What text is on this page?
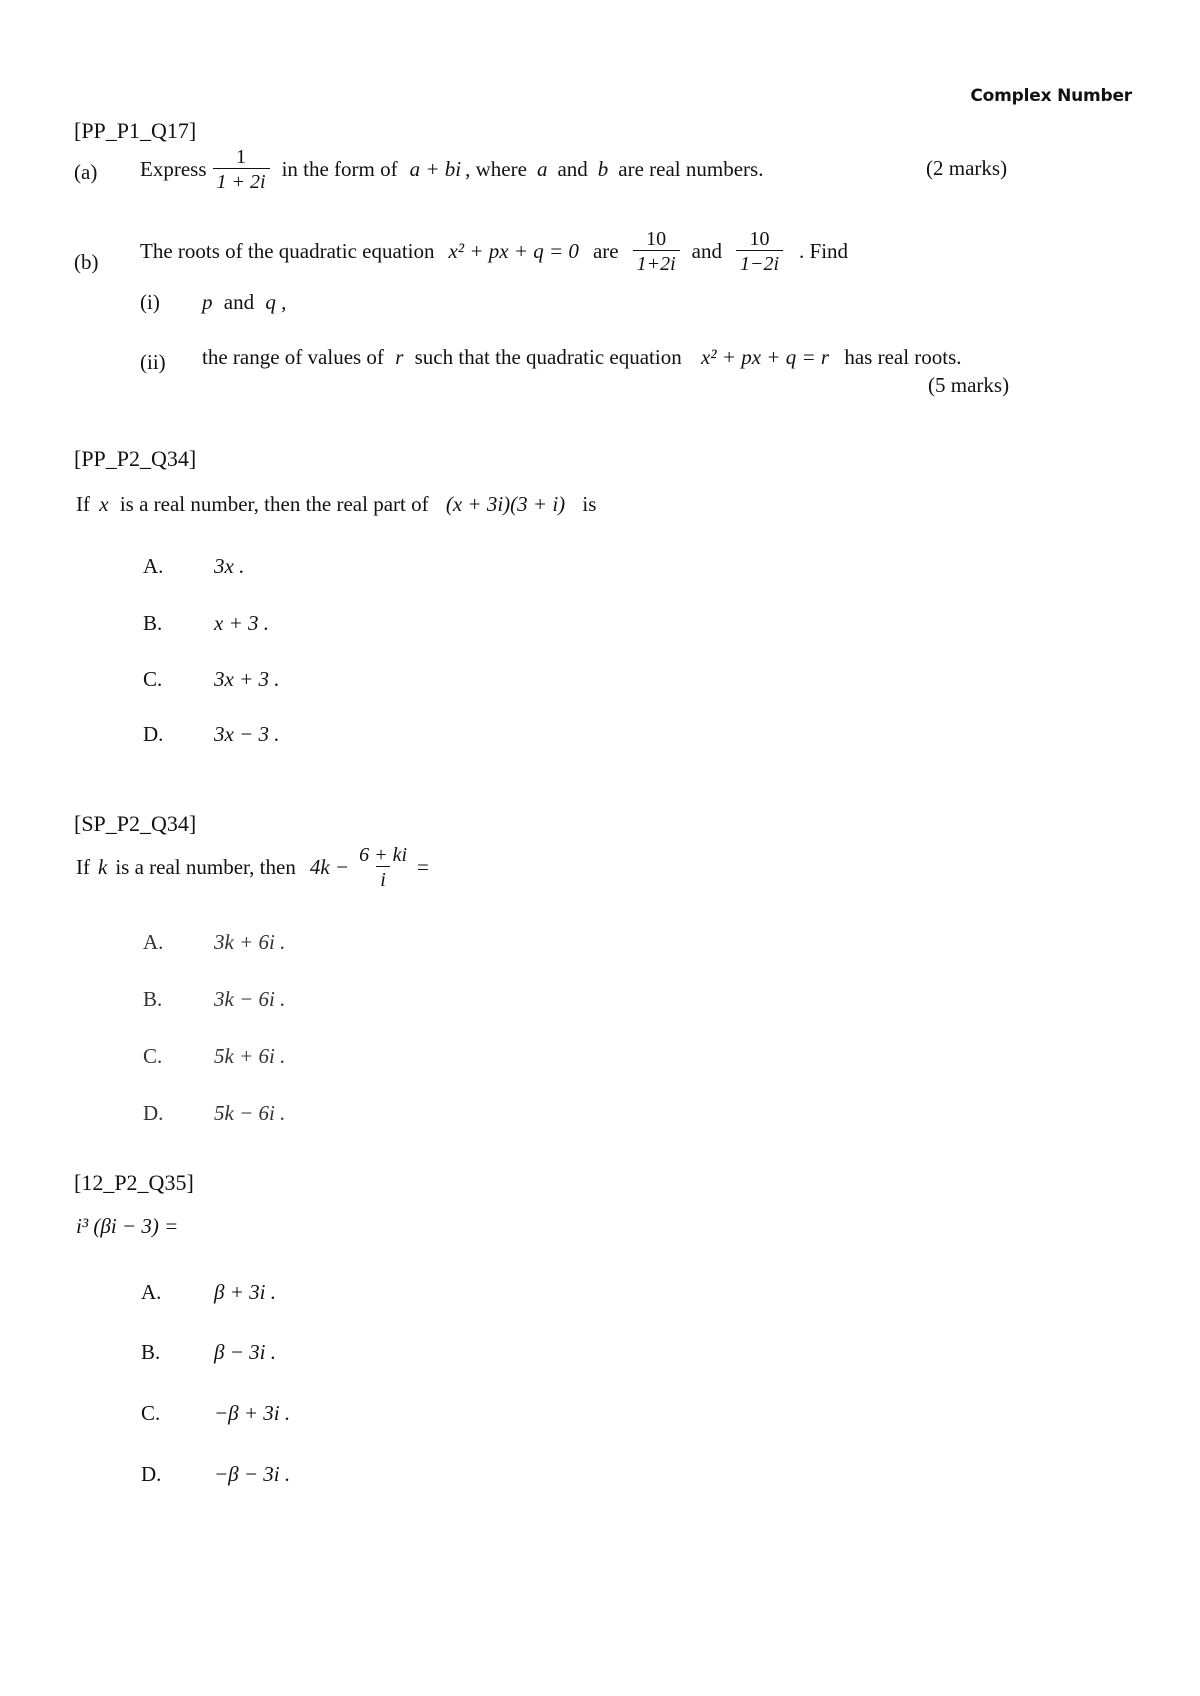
Complex Number
[PP_P1_Q17]
(a) Express $\frac{1}{1 + 2i}$ in the form of a + bi , where a and b are real numbers.	(2 marks)
(b) The roots of the quadratic equation x² + px + q = 0 are $\frac{10}{1+2i}$ and $\frac{10}{1-2i}$ . Find
(i) p and q ,
(ii) the range of values of r such that the quadratic equation x² + px + q = r has real roots.
(5 marks)
[PP_P2_Q34]
If x is a real number, then the real part of (x + 3i)(3 + i) is
A. 3x .
B. x + 3 .
C. 3x + 3 .
D. 3x − 3 .
[SP_P2_Q34]
If k is a real number, then $4k - \frac{6 + ki}{i}$ =
A. 3k + 6i .
B. 3k − 6i .
C. 5k + 6i .
D. 5k − 6i .
[12_P2_Q35]
i³ (βi − 3) =
A.	β + 3i .
B.	β − 3i .
C.	−β + 3i .
D.	−β − 3i .
